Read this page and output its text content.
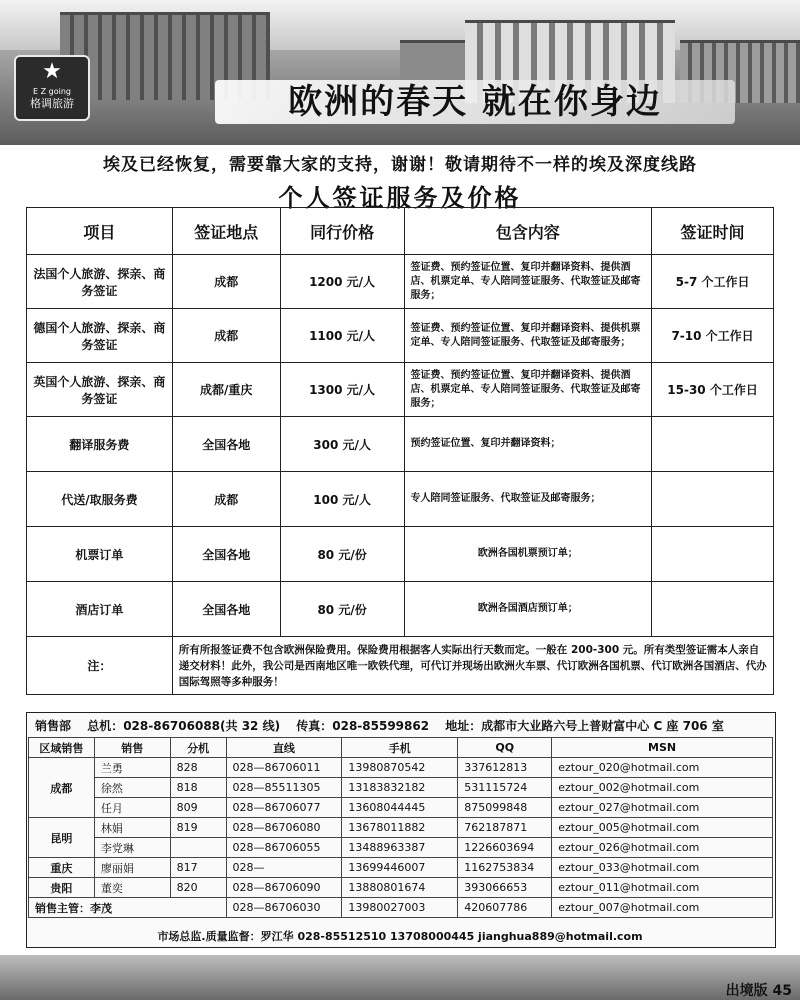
★
E Z going
格调旅游	欧洲的春天 就在你身边
埃及已经恢复，需要靠大家的支持，谢谢！敬请期待不一样的埃及深度线路
个人签证服务及价格
项目	签证地点	同行价格	包含内容	签证时间
法国个人旅游、探亲、商务签证	成都	1200 元/人	签证费、预约签证位置、复印并翻译资料、提供酒店、机票定单、专人陪同签证服务、代取签证及邮寄服务；	5-7 个工作日
德国个人旅游、探亲、商务签证	成都	1100 元/人	签证费、预约签证位置、复印并翻译资料、提供机票定单、专人陪同签证服务、代取签证及邮寄服务；	7-10 个工作日
英国个人旅游、探亲、商务签证	成都/重庆	1300 元/人	签证费、预约签证位置、复印并翻译资料、提供酒店、机票定单、专人陪同签证服务、代取签证及邮寄服务；	15-30 个工作日
翻译服务费	全国各地	300 元/人	预约签证位置、复印并翻译资料；	
代送/取服务费	成都	100 元/人	专人陪同签证服务、代取签证及邮寄服务；	
机票订单	全国各地	80 元/份	欧洲各国机票预订单；	
酒店订单	全国各地	80 元/份	欧洲各国酒店预订单；	
注：	所有所报签证费不包含欧洲保险费用。保险费用根据客人实际出行天数而定。一般在 200-300 元。所有类型签证需本人亲自递交材料！此外，我公司是西南地区唯一欧铁代理，可代订并现场出欧洲火车票、代订欧洲各国机票、代订欧洲各国酒店、代办国际驾照等多种服务！			
销售部 总机：028-86706088(共 32 线) 传真：028-85599862 地址：成都市大业路六号上普财富中心 C 座 706 室
区域销售	销售	分机	直线	手机	QQ	MSN
成都	兰勇	828	028—86706011	13980870542	337612813	eztour_020@hotmail.com
	徐然	818	028—85511305	13183832182	531115724	eztour_002@hotmail.com
	任月	809	028—86706077	13608044445	875099848	eztour_027@hotmail.com
昆明	林娟	819	028—86706080	13678011882	762187871	eztour_005@hotmail.com
	李党琳		028—86706055	13488963387	1226603694	eztour_026@hotmail.com
重庆	廖丽娟	817	028—	13699446007	1162753834	eztour_033@hotmail.com
贵阳	董奕	820	028—86706090	13880801674	393066653	eztour_011@hotmail.com
销售主管：李茂			028—86706030	13980027003	420607786	eztour_007@hotmail.com
市场总监.质量监督：罗江华 028-85512510 13708000445 jianghua889@hotmail.com
出境版 45
